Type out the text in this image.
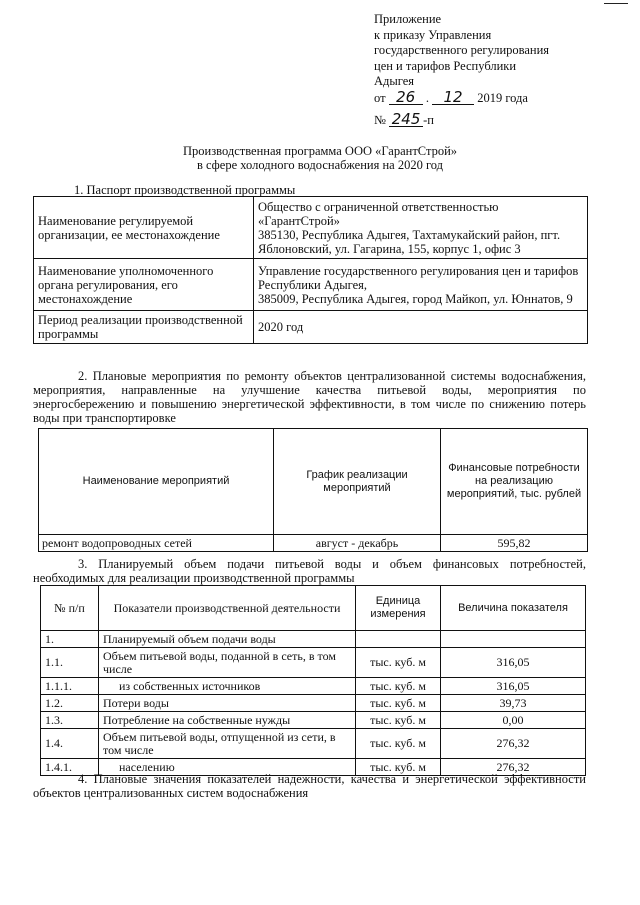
Приложение
к приказу Управления
государственного регулирования
цен и тарифов Республики
Адыгея
от 26 . 12 2019 года
№ 245 -п
Производственная программа ООО «ГарантСтрой»
в сфере холодного водоснабжения на 2020 год
1. Паспорт производственной программы
Наименование регулируемой организации, ее местонахождение	Общество с ограниченной ответственностью «ГарантСтрой»
385130, Республика Адыгея, Тахтамукайский район, пгт. Яблоновский, ул. Гагарина, 155, корпус 1, офис 3

Наименование уполномоченного органа регулирования, его местонахождение	Управление государственного регулирования цен и тарифов Республики Адыгея,
385009, Республика Адыгея, город Майкоп, ул. Юннатов, 9

Период реализации производственной программы	2020 год
2. Плановые мероприятия по ремонту объектов централизованной системы водоснабжения, мероприятия, направленные на улучшение качества питьевой воды, мероприятия по энергосбережению и повышению энергетической эффективности, в том числе по снижению потерь воды при транспортировке
Наименование мероприятий	График реализации мероприятий	Финансовые потребности на реализацию мероприятий, тыс. рублей
ремонт водопроводных сетей	август - декабрь	595,82
3. Планируемый объем подачи питьевой воды и объем финансовых потребностей, необходимых для реализации производственной программы
№ п/п	Показатели производственной деятельности	Единица измерения	Величина показателя
1.	Планируемый объем подачи воды		
1.1.	Объем питьевой воды, поданной в сеть, в том числе	тыс. куб. м	316,05
1.1.1.	из собственных источников	тыс. куб. м	316,05
1.2.	Потери воды	тыс. куб. м	39,73
1.3.	Потребление на собственные нужды	тыс. куб. м	0,00
1.4.	Объем питьевой воды, отпущенной из сети, в том числе	тыс. куб. м	276,32
1.4.1.	населению	тыс. куб. м	276,32
4. Плановые значения показателей надежности, качества и энергетической эффективности объектов централизованных систем водоснабжения
